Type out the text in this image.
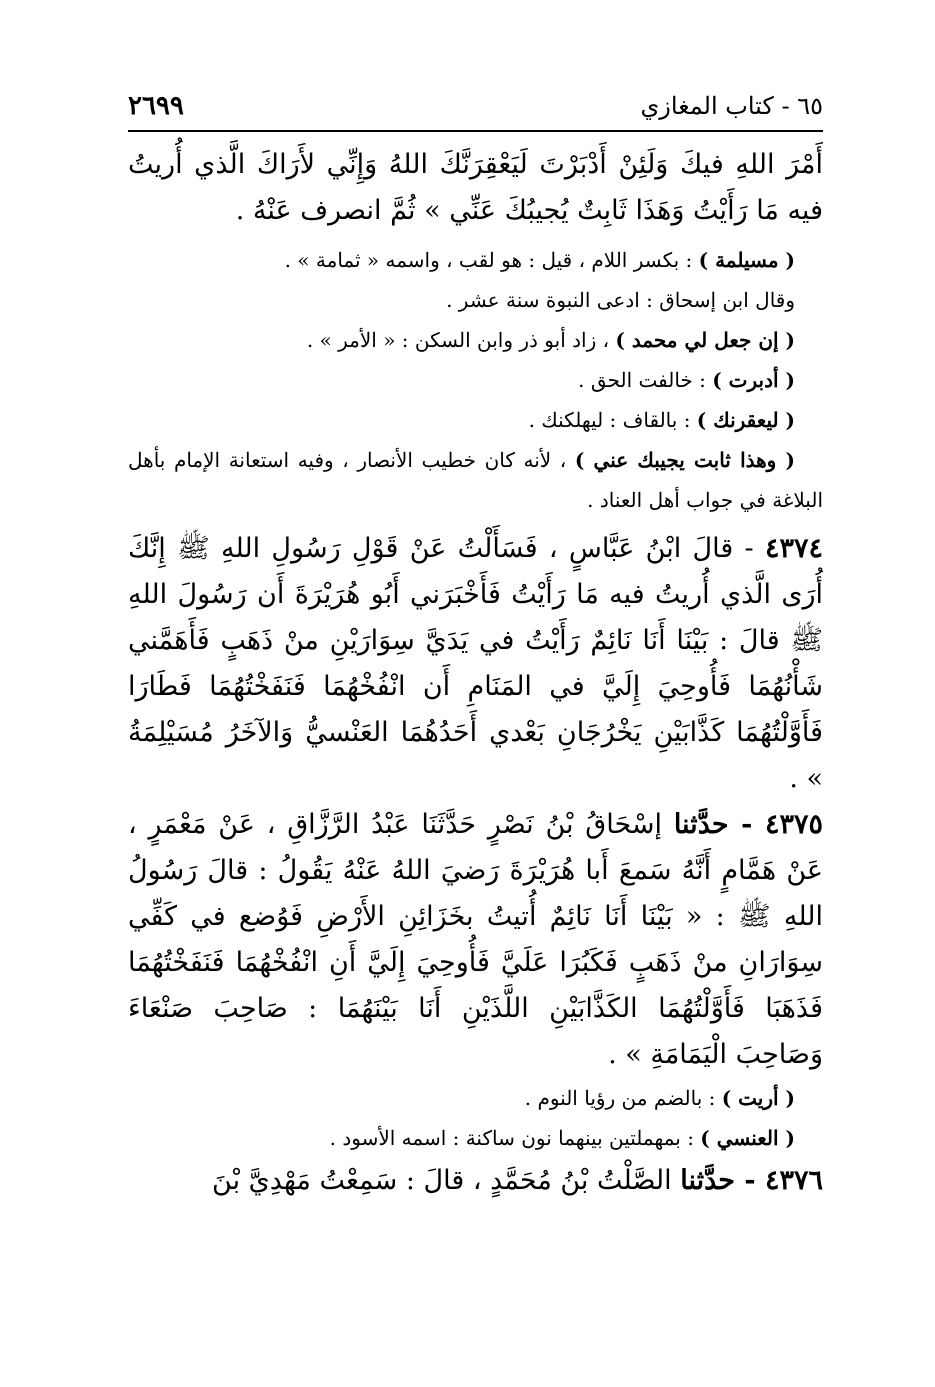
٦٥ - كتاب المغازي
٢٦٩٩

أَمْرَ اللهِ فيكَ وَلَئِنْ أَدْبَرْتَ لَيَعْقِرَنَّكَ اللهُ وَإِنِّي لأَرَاكَ الَّذي أُريتُ فيه مَا رَأَيْتُ وَهَذَا ثَابِتٌ يُجيبُكَ عَنِّي » ثُمَّ انصرف عَنْهُ .

( مسيلمة ) : بكسر اللام ، قيل : هو لقب ، واسمه « ثمامة » .

وقال ابن إسحاق : ادعى النبوة سنة عشر .

( إن جعل لي محمد ) ، زاد أبو ذر وابن السكن : « الأمر » .

( أدبرت ) : خالفت الحق .

( ليعقرنك ) : بالقاف : ليهلكنك .

( وهذا ثابت يجيبك عني ) ، لأنه كان خطيب الأنصار ، وفيه استعانة الإمام بأهل البلاغة في جواب أهل العناد .

٤٣٧٤ - قالَ ابْنُ عَبَّاسٍ ، فَسَأَلْتُ عَنْ قَوْلِ رَسُولِ اللهِ ﷺ إِنَّكَ أُرَى الَّذي أُريتُ فيه مَا رَأَيْتُ فَأَخْبَرَني أَبُو هُرَيْرَةَ أَن رَسُولَ اللهِ ﷺ قالَ : بَيْنَا أَنَا نَائِمٌ رَأَيْتُ في يَدَيَّ سِوَارَيْنِ منْ ذَهَبٍ فَأَهَمَّني شَأْنُهُمَا فَأُوحِيَ إِلَيَّ في المَنَامِ أَن انْفُخْهُمَا فَنَفَخْتُهُمَا فَطَارَا فَأَوَّلْتُهُمَا كَذَّابَيْنِ يَخْرُجَانِ بَعْدي أَحَدُهُمَا العَنْسيُّ وَالآخَرُ مُسَيْلِمَةُ » .

٤٣٧٥ - حدَّثنا إسْحَاقُ بْنُ نَصْرٍ حَدَّثَنَا عَبْدُ الرَّزَّاقِ ، عَنْ مَعْمَرٍ ، عَنْ هَمَّامٍ أَنَّهُ سَمعَ أَبا هُرَيْرَةَ رَضيَ اللهُ عَنْهُ يَقُولُ : قالَ رَسُولُ اللهِ ﷺ : « بَيْنَا أَنَا نَائِمٌ أُتيتُ بخَزَائِنِ الأَرْضِ فَوُضع في كَفِّي سِوَارَانِ منْ ذَهَبٍ فَكَبُرَا عَلَيَّ فَأُوحِيَ إِلَيَّ أَنِ انْفُخْهُمَا فَنَفَخْتُهُمَا فَذَهَبَا فَأَوَّلْتُهُمَا الكَذَّابَيْنِ اللَّذَيْنِ أَنَا بَيْنَهُمَا : صَاحِبَ صَنْعَاءَ وَصَاحِبَ الْيَمَامَةِ » .

( أريت ) : بالضم من رؤيا النوم .

( العنسي ) : بمهملتين بينهما نون ساكنة : اسمه الأسود .

٤٣٧٦ - حدَّثنا الصَّلْتُ بْنُ مُحَمَّدٍ ، قالَ : سَمِعْتُ مَهْدِيَّ بْنَ
